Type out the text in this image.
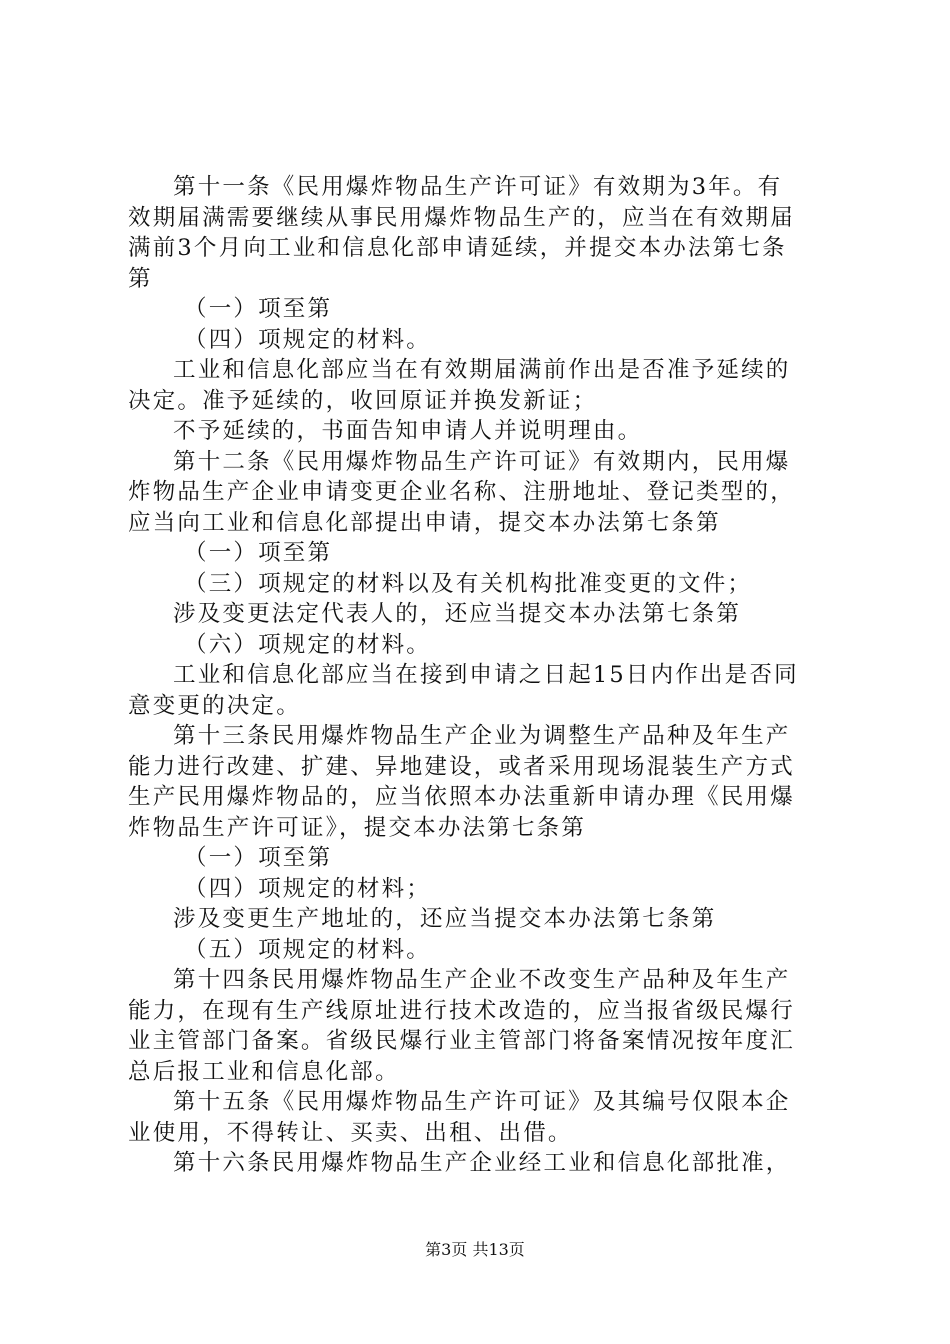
第十一条《民用爆炸物品生产许可证》有效期为3年。有
效期届满需要继续从事民用爆炸物品生产的，应当在有效期届
满前3个月向工业和信息化部申请延续，并提交本办法第七条
第
（一）项至第
（四）项规定的材料。
工业和信息化部应当在有效期届满前作出是否准予延续的
决定。准予延续的，收回原证并换发新证；
不予延续的，书面告知申请人并说明理由。
第十二条《民用爆炸物品生产许可证》有效期内，民用爆
炸物品生产企业申请变更企业名称、注册地址、登记类型的，
应当向工业和信息化部提出申请，提交本办法第七条第
（一）项至第
（三）项规定的材料以及有关机构批准变更的文件；
涉及变更法定代表人的，还应当提交本办法第七条第
（六）项规定的材料。
工业和信息化部应当在接到申请之日起15日内作出是否同
意变更的决定。
第十三条民用爆炸物品生产企业为调整生产品种及年生产
能力进行改建、扩建、异地建设，或者采用现场混装生产方式
生产民用爆炸物品的，应当依照本办法重新申请办理《民用爆
炸物品生产许可证》，提交本办法第七条第
（一）项至第
（四）项规定的材料；
涉及变更生产地址的，还应当提交本办法第七条第
（五）项规定的材料。
第十四条民用爆炸物品生产企业不改变生产品种及年生产
能力，在现有生产线原址进行技术改造的，应当报省级民爆行
业主管部门备案。省级民爆行业主管部门将备案情况按年度汇
总后报工业和信息化部。
第十五条《民用爆炸物品生产许可证》及其编号仅限本企
业使用，不得转让、买卖、出租、出借。
第十六条民用爆炸物品生产企业经工业和信息化部批准，
第3页 共13页
